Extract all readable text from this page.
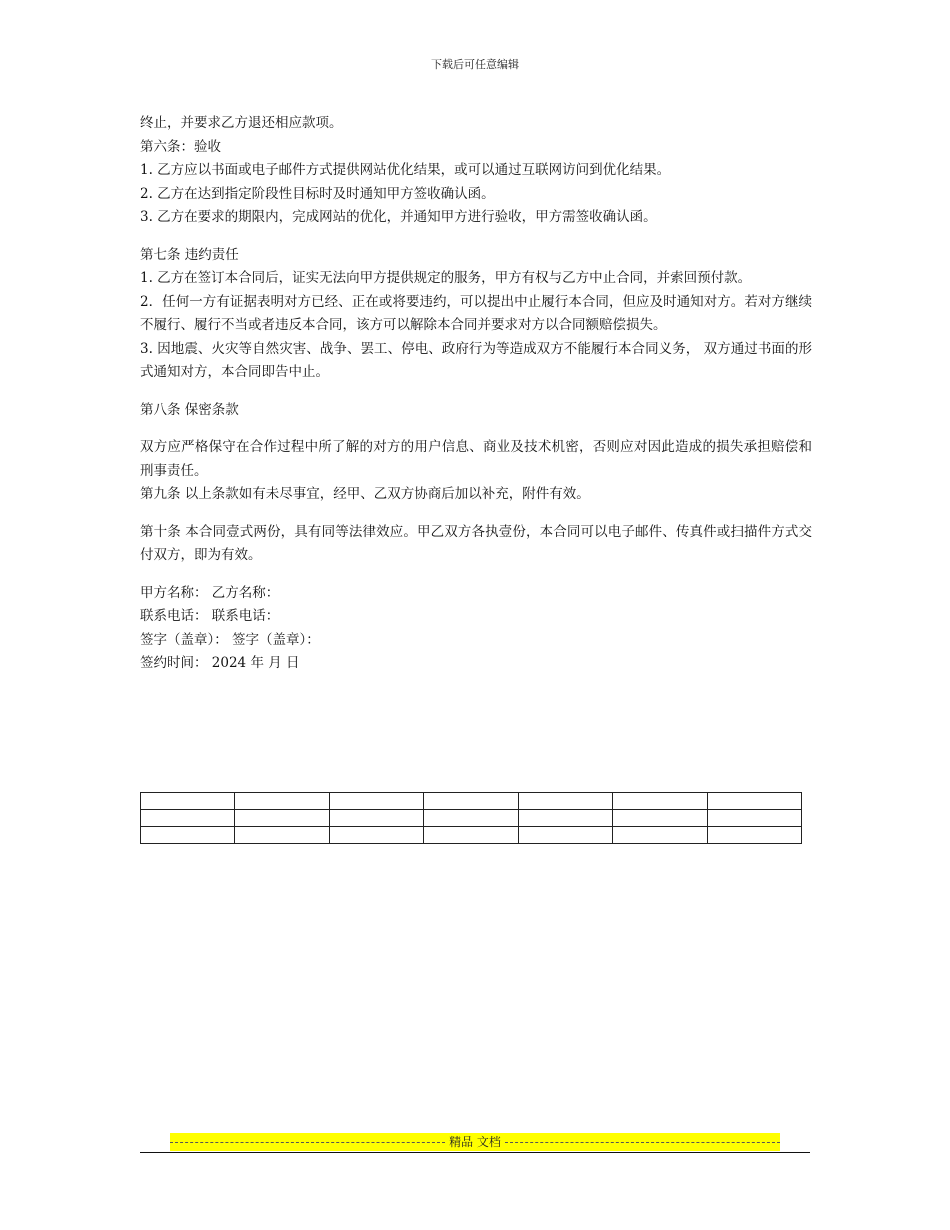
下载后可任意编辑

终止，并要求乙方退还相应款项。

第六条：验收

1. 乙方应以书面或电子邮件方式提供网站优化结果，或可以通过互联网访问到优化结果。

2. 乙方在达到指定阶段性目标时及时通知甲方签收确认函。

3. 乙方在要求的期限内，完成网站的优化，并通知甲方进行验收，甲方需签收确认函。

第七条 违约责任

1. 乙方在签订本合同后，证实无法向甲方提供规定的服务，甲方有权与乙方中止合同，并索回预付款。

2．任何一方有证据表明对方已经、正在或将要违约，可以提出中止履行本合同，但应及时通知对方。若对方继续不履行、履行不当或者违反本合同，该方可以解除本合同并要求对方以合同额赔偿损失。

3. 因地震、火灾等自然灾害、战争、罢工、停电、政府行为等造成双方不能履行本合同义务， 双方通过书面的形式通知对方，本合同即告中止。

第八条 保密条款

双方应严格保守在合作过程中所了解的对方的用户信息、商业及技术机密，否则应对因此造成的损失承担赔偿和刑事责任。

第九条 以上条款如有未尽事宜，经甲、乙双方协商后加以补充，附件有效。

第十条 本合同壹式两份，具有同等法律效应。甲乙双方各执壹份，本合同可以电子邮件、传真件或扫描件方式交付双方，即为有效。

甲方名称： 乙方名称：

联系电话： 联系电话：

签字（盖章）： 签字（盖章）：

签约时间： 2024 年 月 日

精品 文档
